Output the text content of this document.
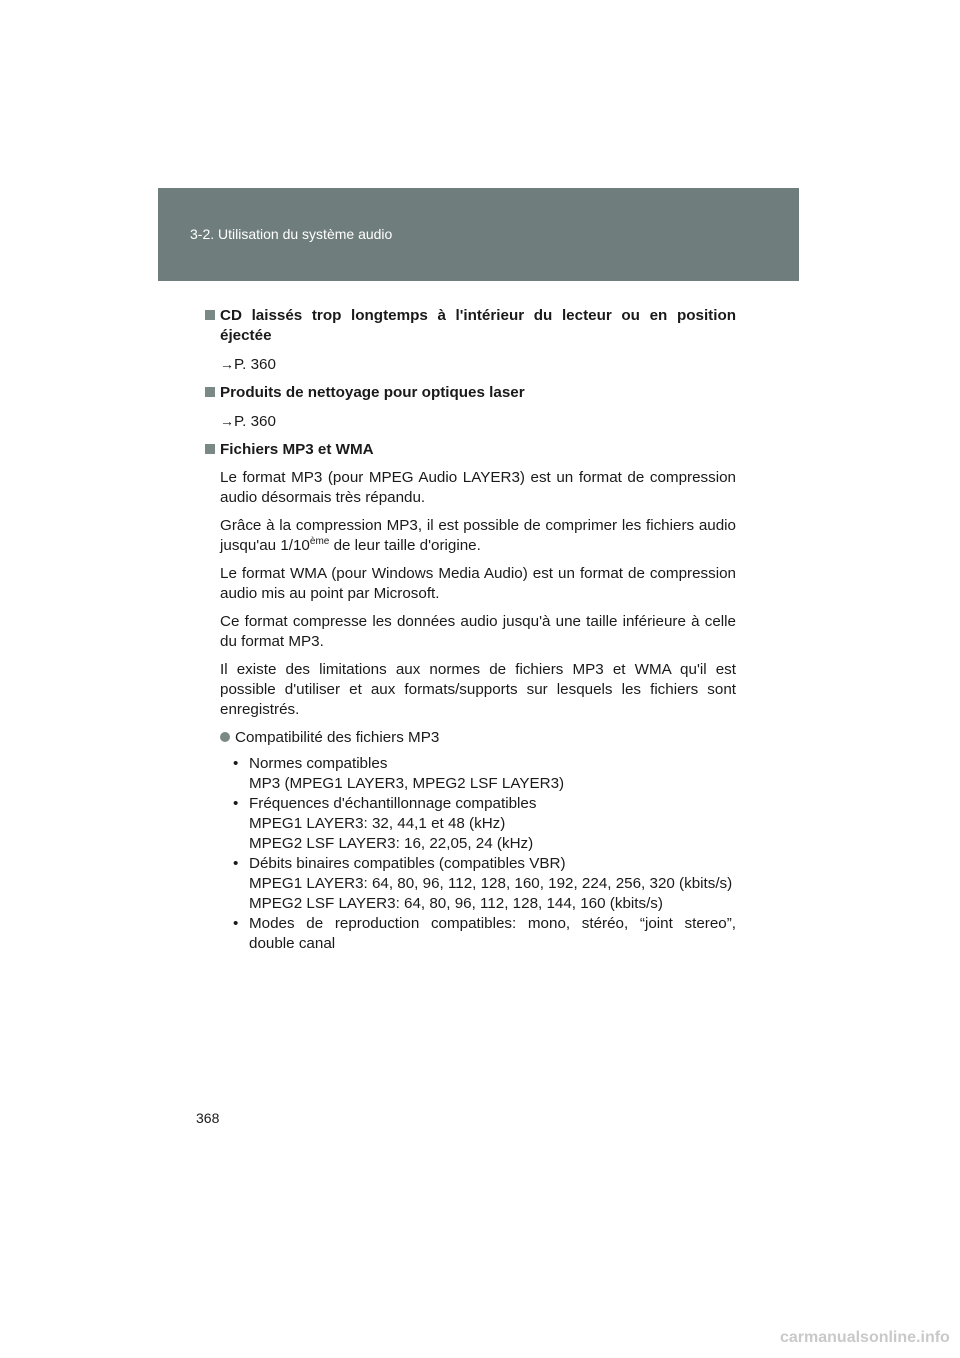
3-2. Utilisation du système audio
CD laissés trop longtemps à l'intérieur du lecteur ou en position
éjectée
→P. 360
Produits de nettoyage pour optiques laser
→P. 360
Fichiers MP3 et WMA
Le format MP3 (pour MPEG Audio LAYER3) est un format de compression
audio désormais très répandu.
Grâce à la compression MP3, il est possible de comprimer les fichiers audio
jusqu'au 1/10ème de leur taille d'origine.
Le format WMA (pour Windows Media Audio) est un format de compression
audio mis au point par Microsoft.
Ce format compresse les données audio jusqu'à une taille inférieure à celle
du format MP3.
Il existe des limitations aux normes de fichiers MP3 et WMA qu'il est
possible d'utiliser et aux formats/supports sur lesquels les fichiers sont
enregistrés.
Compatibilité des fichiers MP3
• Normes compatibles
MP3 (MPEG1 LAYER3, MPEG2 LSF LAYER3)
• Fréquences d'échantillonnage compatibles
MPEG1 LAYER3: 32, 44,1 et 48 (kHz)
MPEG2 LSF LAYER3: 16, 22,05, 24 (kHz)
• Débits binaires compatibles (compatibles VBR)
MPEG1 LAYER3: 64, 80, 96, 112, 128, 160, 192, 224, 256, 320 (kbits/s)
MPEG2 LSF LAYER3: 64, 80, 96, 112, 128, 144, 160 (kbits/s)
• Modes de reproduction compatibles: mono, stéréo, “joint stereo”,
double canal
368
carmanualsonline.info
